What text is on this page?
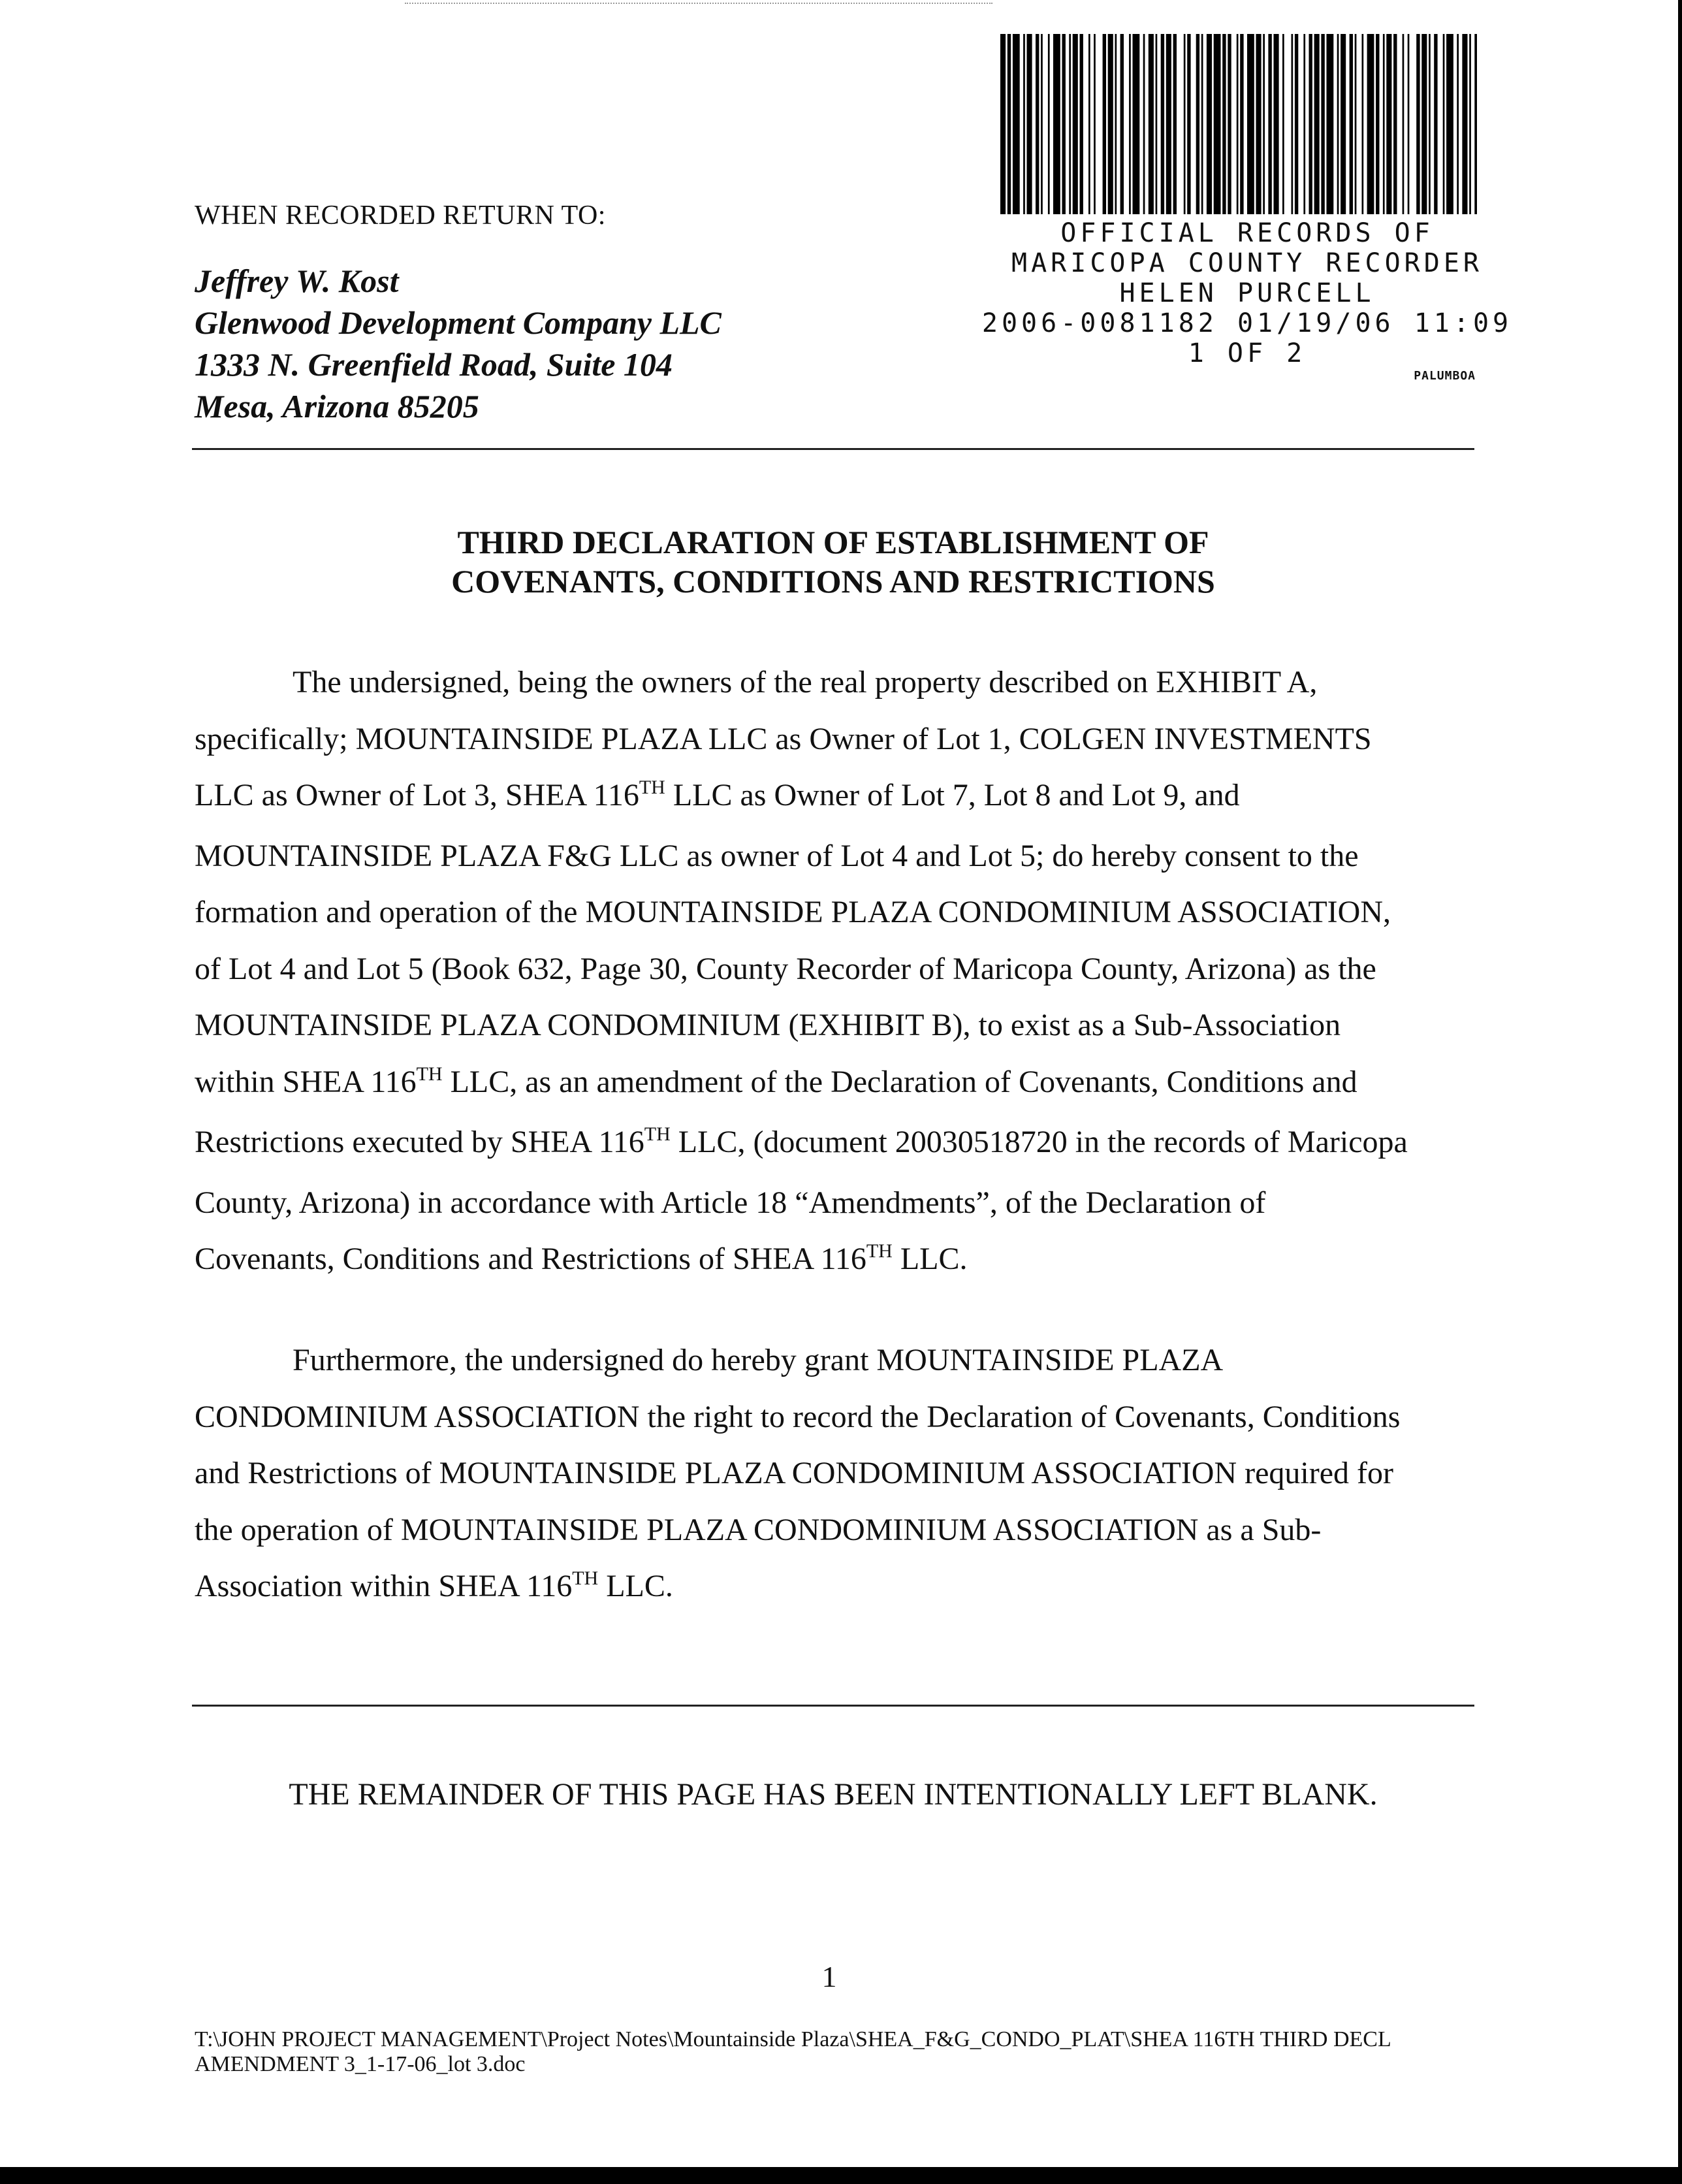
WHEN RECORDED RETURN TO:
Jeffrey W. Kost
Glenwood Development Company LLC
1333 N. Greenfield Road, Suite 104
Mesa, Arizona 85205
OFFICIAL RECORDS OF
MARICOPA COUNTY RECORDER
HELEN PURCELL
2006-0081182 01/19/06 11:09
1 OF 2
PALUMBOA
THIRD DECLARATION OF ESTABLISHMENT OF
COVENANTS, CONDITIONS AND RESTRICTIONS
The undersigned, being the owners of the real property described on EXHIBIT A,
specifically; MOUNTAINSIDE PLAZA LLC as Owner of Lot 1, COLGEN INVESTMENTS
LLC as Owner of Lot 3, SHEA 116TH LLC as Owner of Lot 7, Lot 8 and Lot 9, and
MOUNTAINSIDE PLAZA F&G LLC as owner of Lot 4 and Lot 5; do hereby consent to the
formation and operation of the MOUNTAINSIDE PLAZA CONDOMINIUM ASSOCIATION,
of Lot 4 and Lot 5 (Book 632, Page 30, County Recorder of Maricopa County, Arizona) as the
MOUNTAINSIDE PLAZA CONDOMINIUM (EXHIBIT B), to exist as a Sub-Association
within SHEA 116TH LLC, as an amendment of the Declaration of Covenants, Conditions and
Restrictions executed by SHEA 116TH LLC, (document 20030518720 in the records of Maricopa
County, Arizona) in accordance with Article 18 “Amendments”, of the Declaration of
Covenants, Conditions and Restrictions of SHEA 116TH LLC.
Furthermore, the undersigned do hereby grant MOUNTAINSIDE PLAZA
CONDOMINIUM ASSOCIATION the right to record the Declaration of Covenants, Conditions
and Restrictions of MOUNTAINSIDE PLAZA CONDOMINIUM ASSOCIATION required for
the operation of MOUNTAINSIDE PLAZA CONDOMINIUM ASSOCIATION as a Sub-
Association within SHEA 116TH LLC.
THE REMAINDER OF THIS PAGE HAS BEEN INTENTIONALLY LEFT BLANK.
1
T:\JOHN PROJECT MANAGEMENT\Project Notes\Mountainside Plaza\SHEA_F&G_CONDO_PLAT\SHEA 116TH THIRD DECL
AMENDMENT 3_1-17-06_lot 3.doc
